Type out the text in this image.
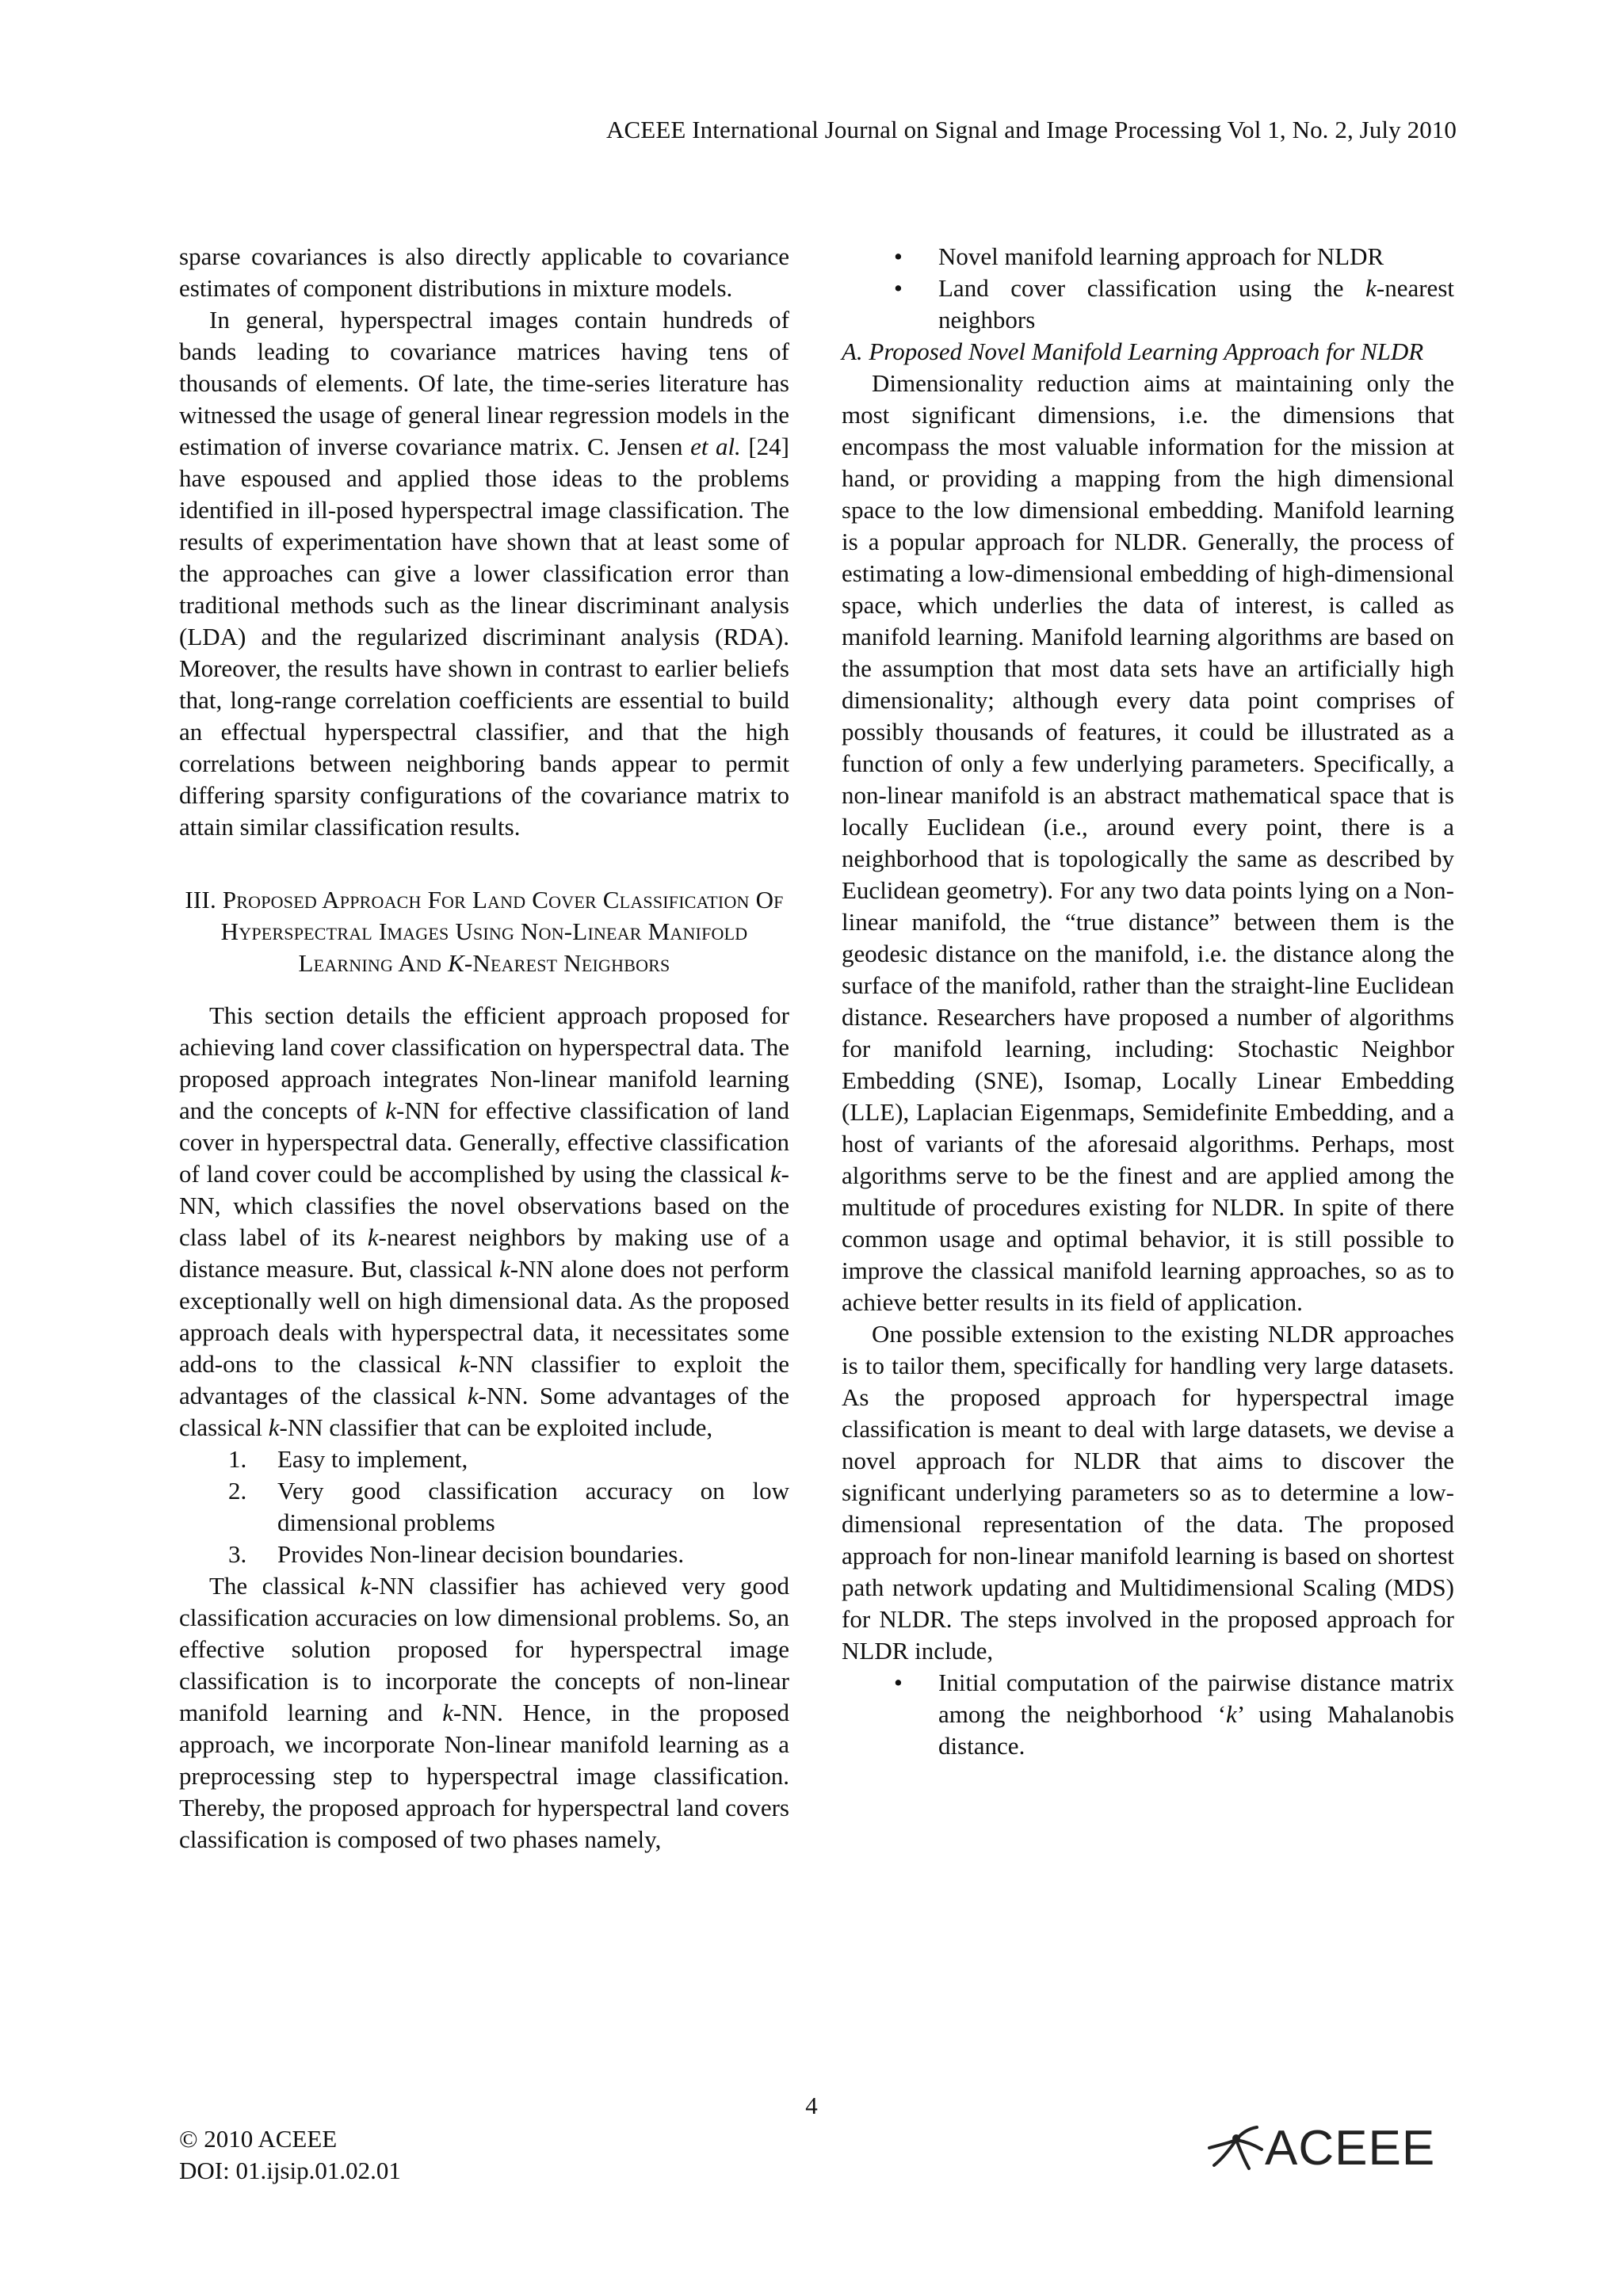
ACEEE International Journal on Signal and Image Processing Vol 1, No. 2, July 2010

sparse covariances is also directly applicable to covariance estimates of component distributions in mixture models.

In general, hyperspectral images contain hundreds of bands leading to covariance matrices having tens of thousands of elements. Of late, the time-series literature has witnessed the usage of general linear regression models in the estimation of inverse covariance matrix. C. Jensen et al. [24] have espoused and applied those ideas to the problems identified in ill-posed hyperspectral image classification. The results of experimentation have shown that at least some of the approaches can give a lower classification error than traditional methods such as the linear discriminant analysis (LDA) and the regularized discriminant analysis (RDA). Moreover, the results have shown in contrast to earlier beliefs that, long-range correlation coefficients are essential to build an effectual hyperspectral classifier, and that the high correlations between neighboring bands appear to permit differing sparsity configurations of the covariance matrix to attain similar classification results.

III. Proposed Approach For Land Cover Classification Of Hyperspectral Images Using Non-Linear Manifold Learning And K-Nearest Neighbors

This section details the efficient approach proposed for achieving land cover classification on hyperspectral data. The proposed approach integrates Non-linear manifold learning and the concepts of k-NN for effective classification of land cover in hyperspectral data. Generally, effective classification of land cover could be accomplished by using the classical k-NN, which classifies the novel observations based on the class label of its k-nearest neighbors by making use of a distance measure. But, classical k-NN alone does not perform exceptionally well on high dimensional data. As the proposed approach deals with hyperspectral data, it necessitates some add-ons to the classical k-NN classifier to exploit the advantages of the classical k-NN. Some advantages of the classical k-NN classifier that can be exploited include,

1. Easy to implement,
2. Very good classification accuracy on low dimensional problems
3. Provides Non-linear decision boundaries.

The classical k-NN classifier has achieved very good classification accuracies on low dimensional problems. So, an effective solution proposed for hyperspectral image classification is to incorporate the concepts of non-linear manifold learning and k-NN. Hence, in the proposed approach, we incorporate Non-linear manifold learning as a preprocessing step to hyperspectral image classification. Thereby, the proposed approach for hyperspectral land covers classification is composed of two phases namely,

• Novel manifold learning approach for NLDR
• Land cover classification using the k-nearest neighbors

A. Proposed Novel Manifold Learning Approach for NLDR

Dimensionality reduction aims at maintaining only the most significant dimensions, i.e. the dimensions that encompass the most valuable information for the mission at hand, or providing a mapping from the high dimensional space to the low dimensional embedding. Manifold learning is a popular approach for NLDR. Generally, the process of estimating a low-dimensional embedding of high-dimensional space, which underlies the data of interest, is called as manifold learning. Manifold learning algorithms are based on the assumption that most data sets have an artificially high dimensionality; although every data point comprises of possibly thousands of features, it could be illustrated as a function of only a few underlying parameters. Specifically, a non-linear manifold is an abstract mathematical space that is locally Euclidean (i.e., around every point, there is a neighborhood that is topologically the same as described by Euclidean geometry). For any two data points lying on a Non-linear manifold, the “true distance” between them is the geodesic distance on the manifold, i.e. the distance along the surface of the manifold, rather than the straight-line Euclidean distance. Researchers have proposed a number of algorithms for manifold learning, including: Stochastic Neighbor Embedding (SNE), Isomap, Locally Linear Embedding (LLE), Laplacian Eigenmaps, Semidefinite Embedding, and a host of variants of the aforesaid algorithms. Perhaps, most algorithms serve to be the finest and are applied among the multitude of procedures existing for NLDR. In spite of there common usage and optimal behavior, it is still possible to improve the classical manifold learning approaches, so as to achieve better results in its field of application.

One possible extension to the existing NLDR approaches is to tailor them, specifically for handling very large datasets. As the proposed approach for hyperspectral image classification is meant to deal with large datasets, we devise a novel approach for NLDR that aims to discover the significant underlying parameters so as to determine a low-dimensional representation of the data. The proposed approach for non-linear manifold learning is based on shortest path network updating and Multidimensional Scaling (MDS) for NLDR. The steps involved in the proposed approach for NLDR include,

• Initial computation of the pairwise distance matrix among the neighborhood ‘k’ using Mahalanobis distance.
4
© 2010 ACEEE
DOI: 01.ijsip.01.02.01	ACEEE
